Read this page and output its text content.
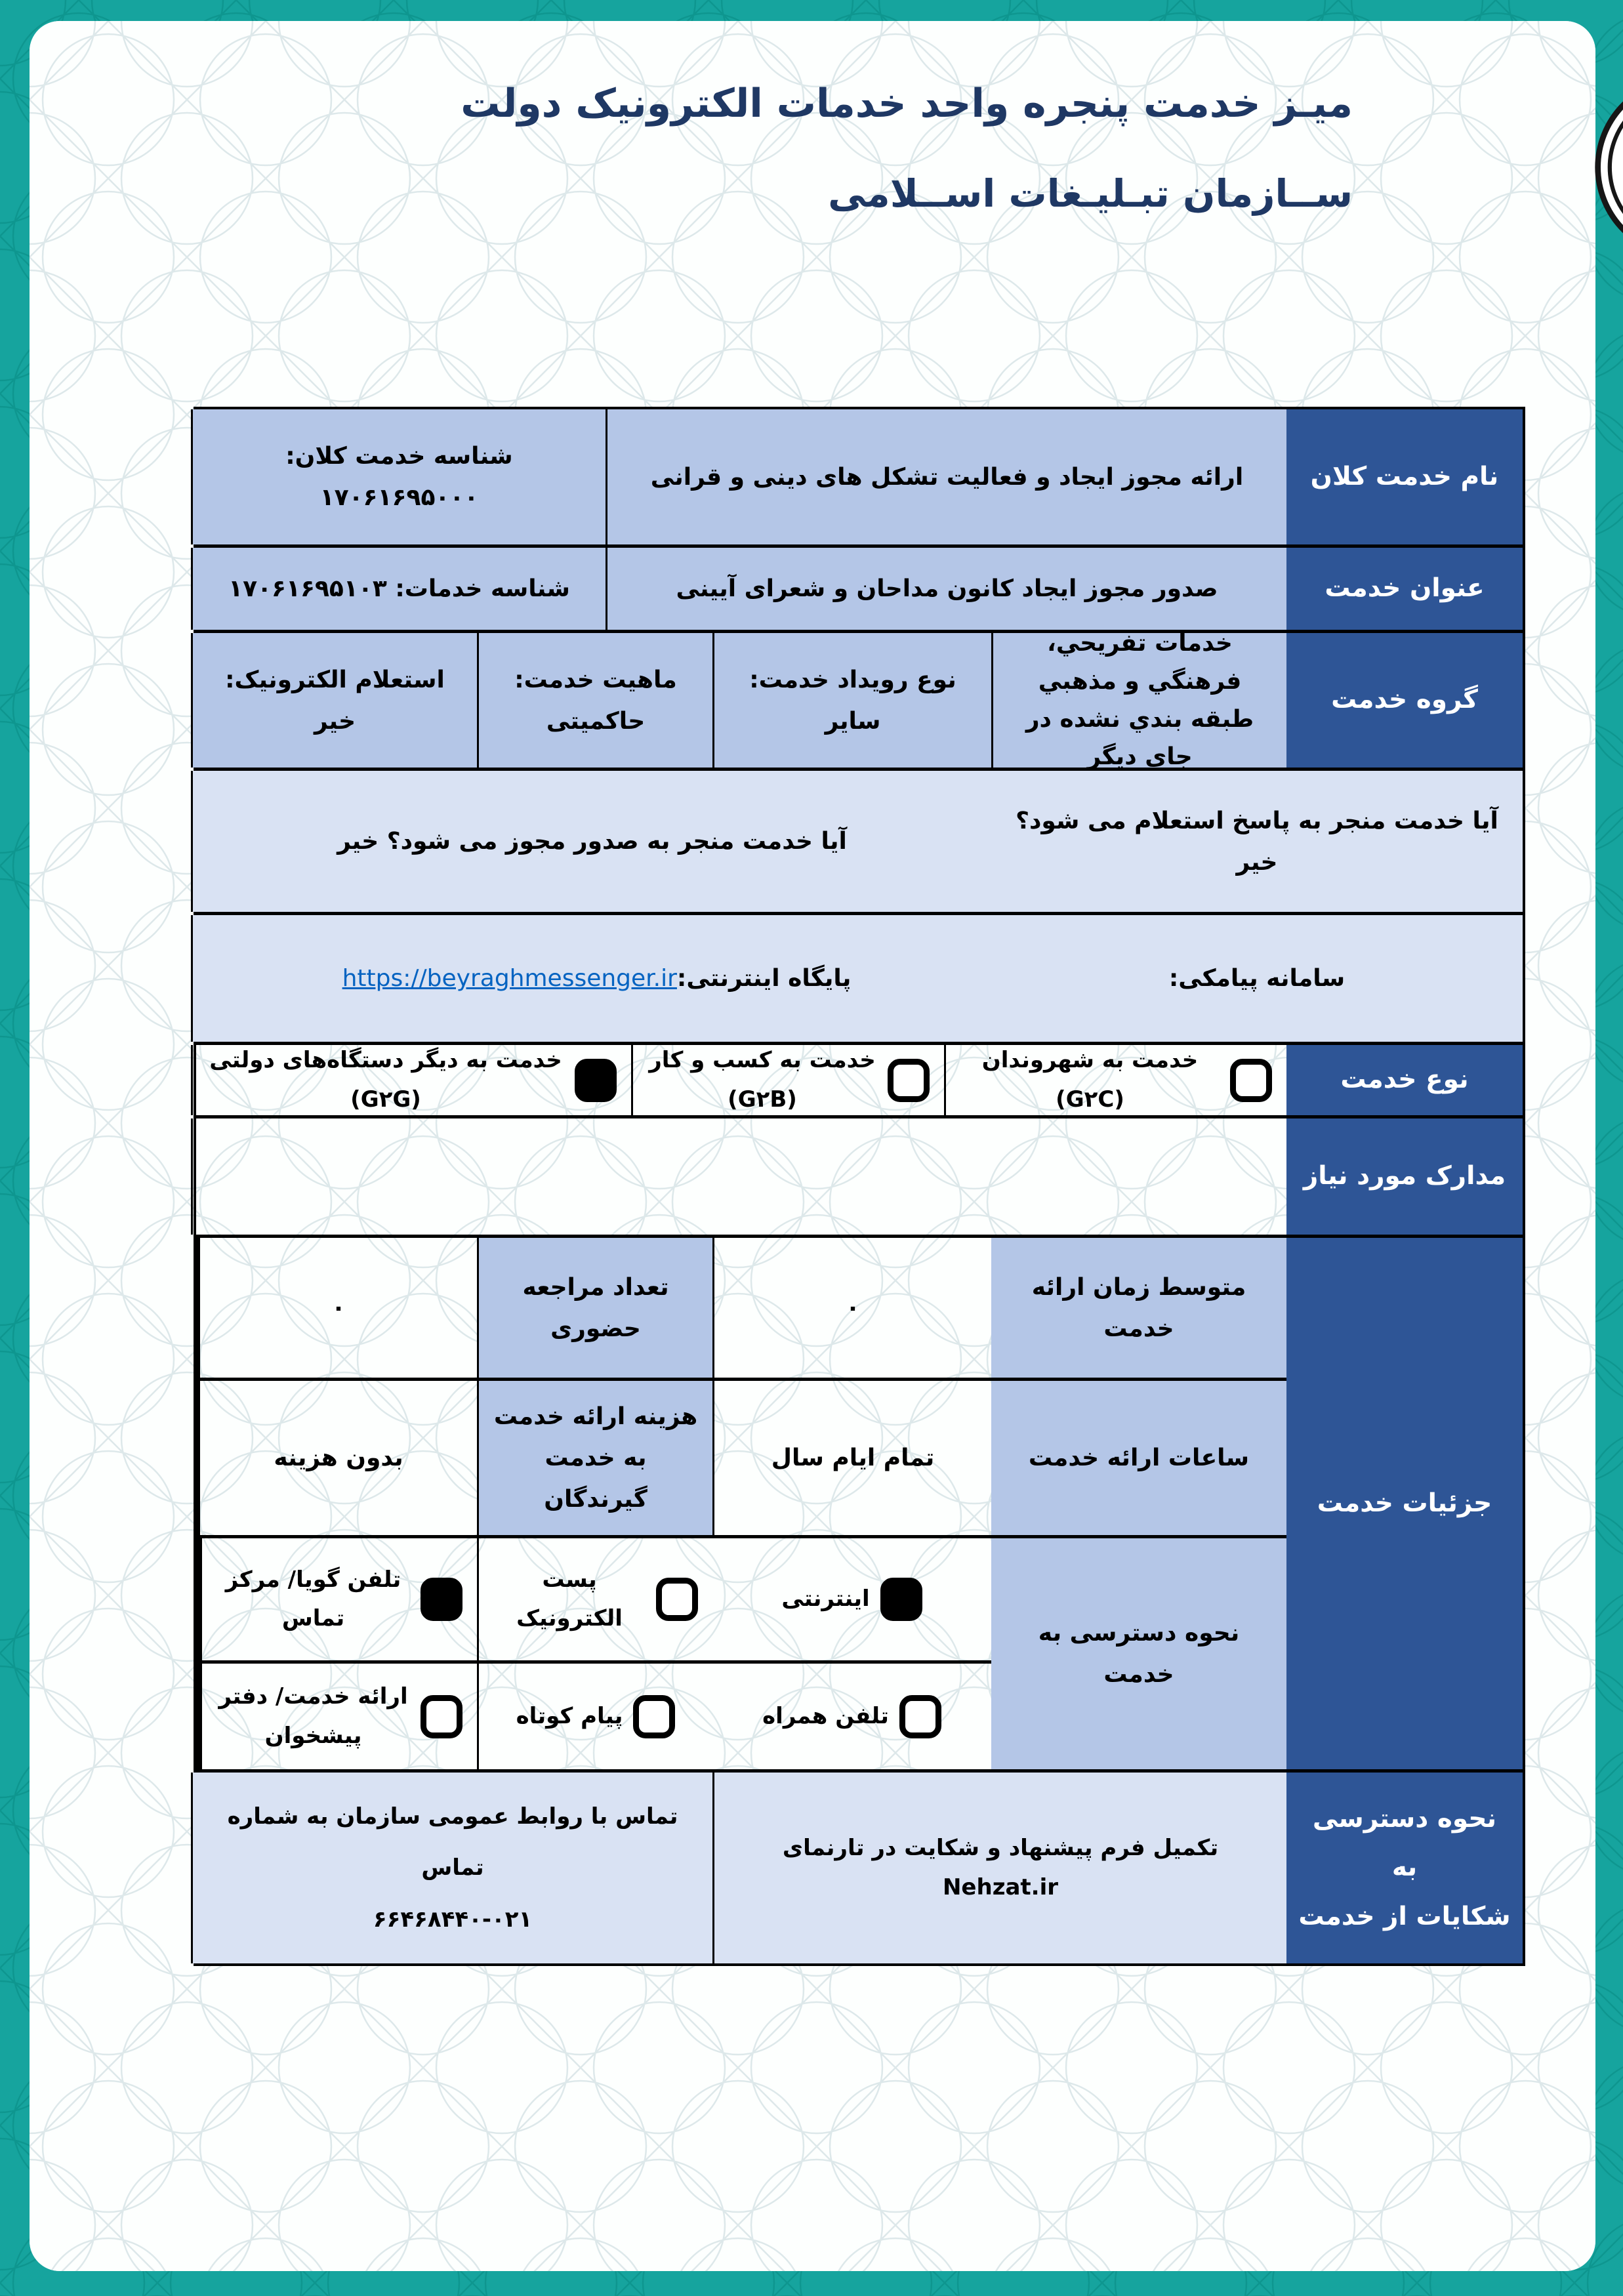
میـز خدمت پنجره واحد خدمات الکترونیک دولت
ســازمان تبـلیـغات اســلامی
نام خدمت کلان
ارائه مجوز ایجاد و فعالیت تشکل های دینی و قرانی
شناسه خدمت کلان: ۱۷۰۶۱۶۹۵۰۰۰
عنوان خدمت
صدور مجوز ایجاد کانون مداحان و شعرای آیینی
شناسه خدمات: ۱۷۰۶۱۶۹۵۱۰۳
گروه خدمت
خدمات تفريحي، فرهنگي و مذهبي طبقه بندي نشده در جاي ديگر
نوع رویداد خدمت:
سایر
ماهیت خدمت:
حاکمیتی
استعلام الکترونیک:
خیر
آیا خدمت منجر به پاسخ استعلام می شود؟ خیر
آیا خدمت منجر به صدور مجوز می شود؟ خیر
سامانه پیامکی:
پایگاه اینترنتی:
https://beyraghmessenger.ir
نوع خدمت
خدمت به شهروندان (G۲C)
خدمت به کسب و کار (G۲B)
خدمت به دیگر دستگاه‌های دولتی (G۲G)
مدارک مورد نیاز
جزئیات خدمت
متوسط زمان ارائه خدمت
۰
تعداد مراجعه حضوری
۰
ساعات ارائه خدمت
تمام ایام سال
هزینه ارائه خدمت به خدمت گیرندگان
بدون هزینه
نحوه دسترسی به خدمت
اینترنتی
پست الکترونیک
تلفن گویا/ مرکز تماس
تلفن همراه
پیام کوتاه
ارائه خدمت/ دفتر پیشخوان
نحوه دسترسی به
شکایات از خدمت
تکمیل فرم پیشنهاد و شکایت در تارنمای Nehzat.ir
تماس با روابط عمومی سازمان به شماره تماس
۶۶۴۶۸۴۴۰-۰۲۱
